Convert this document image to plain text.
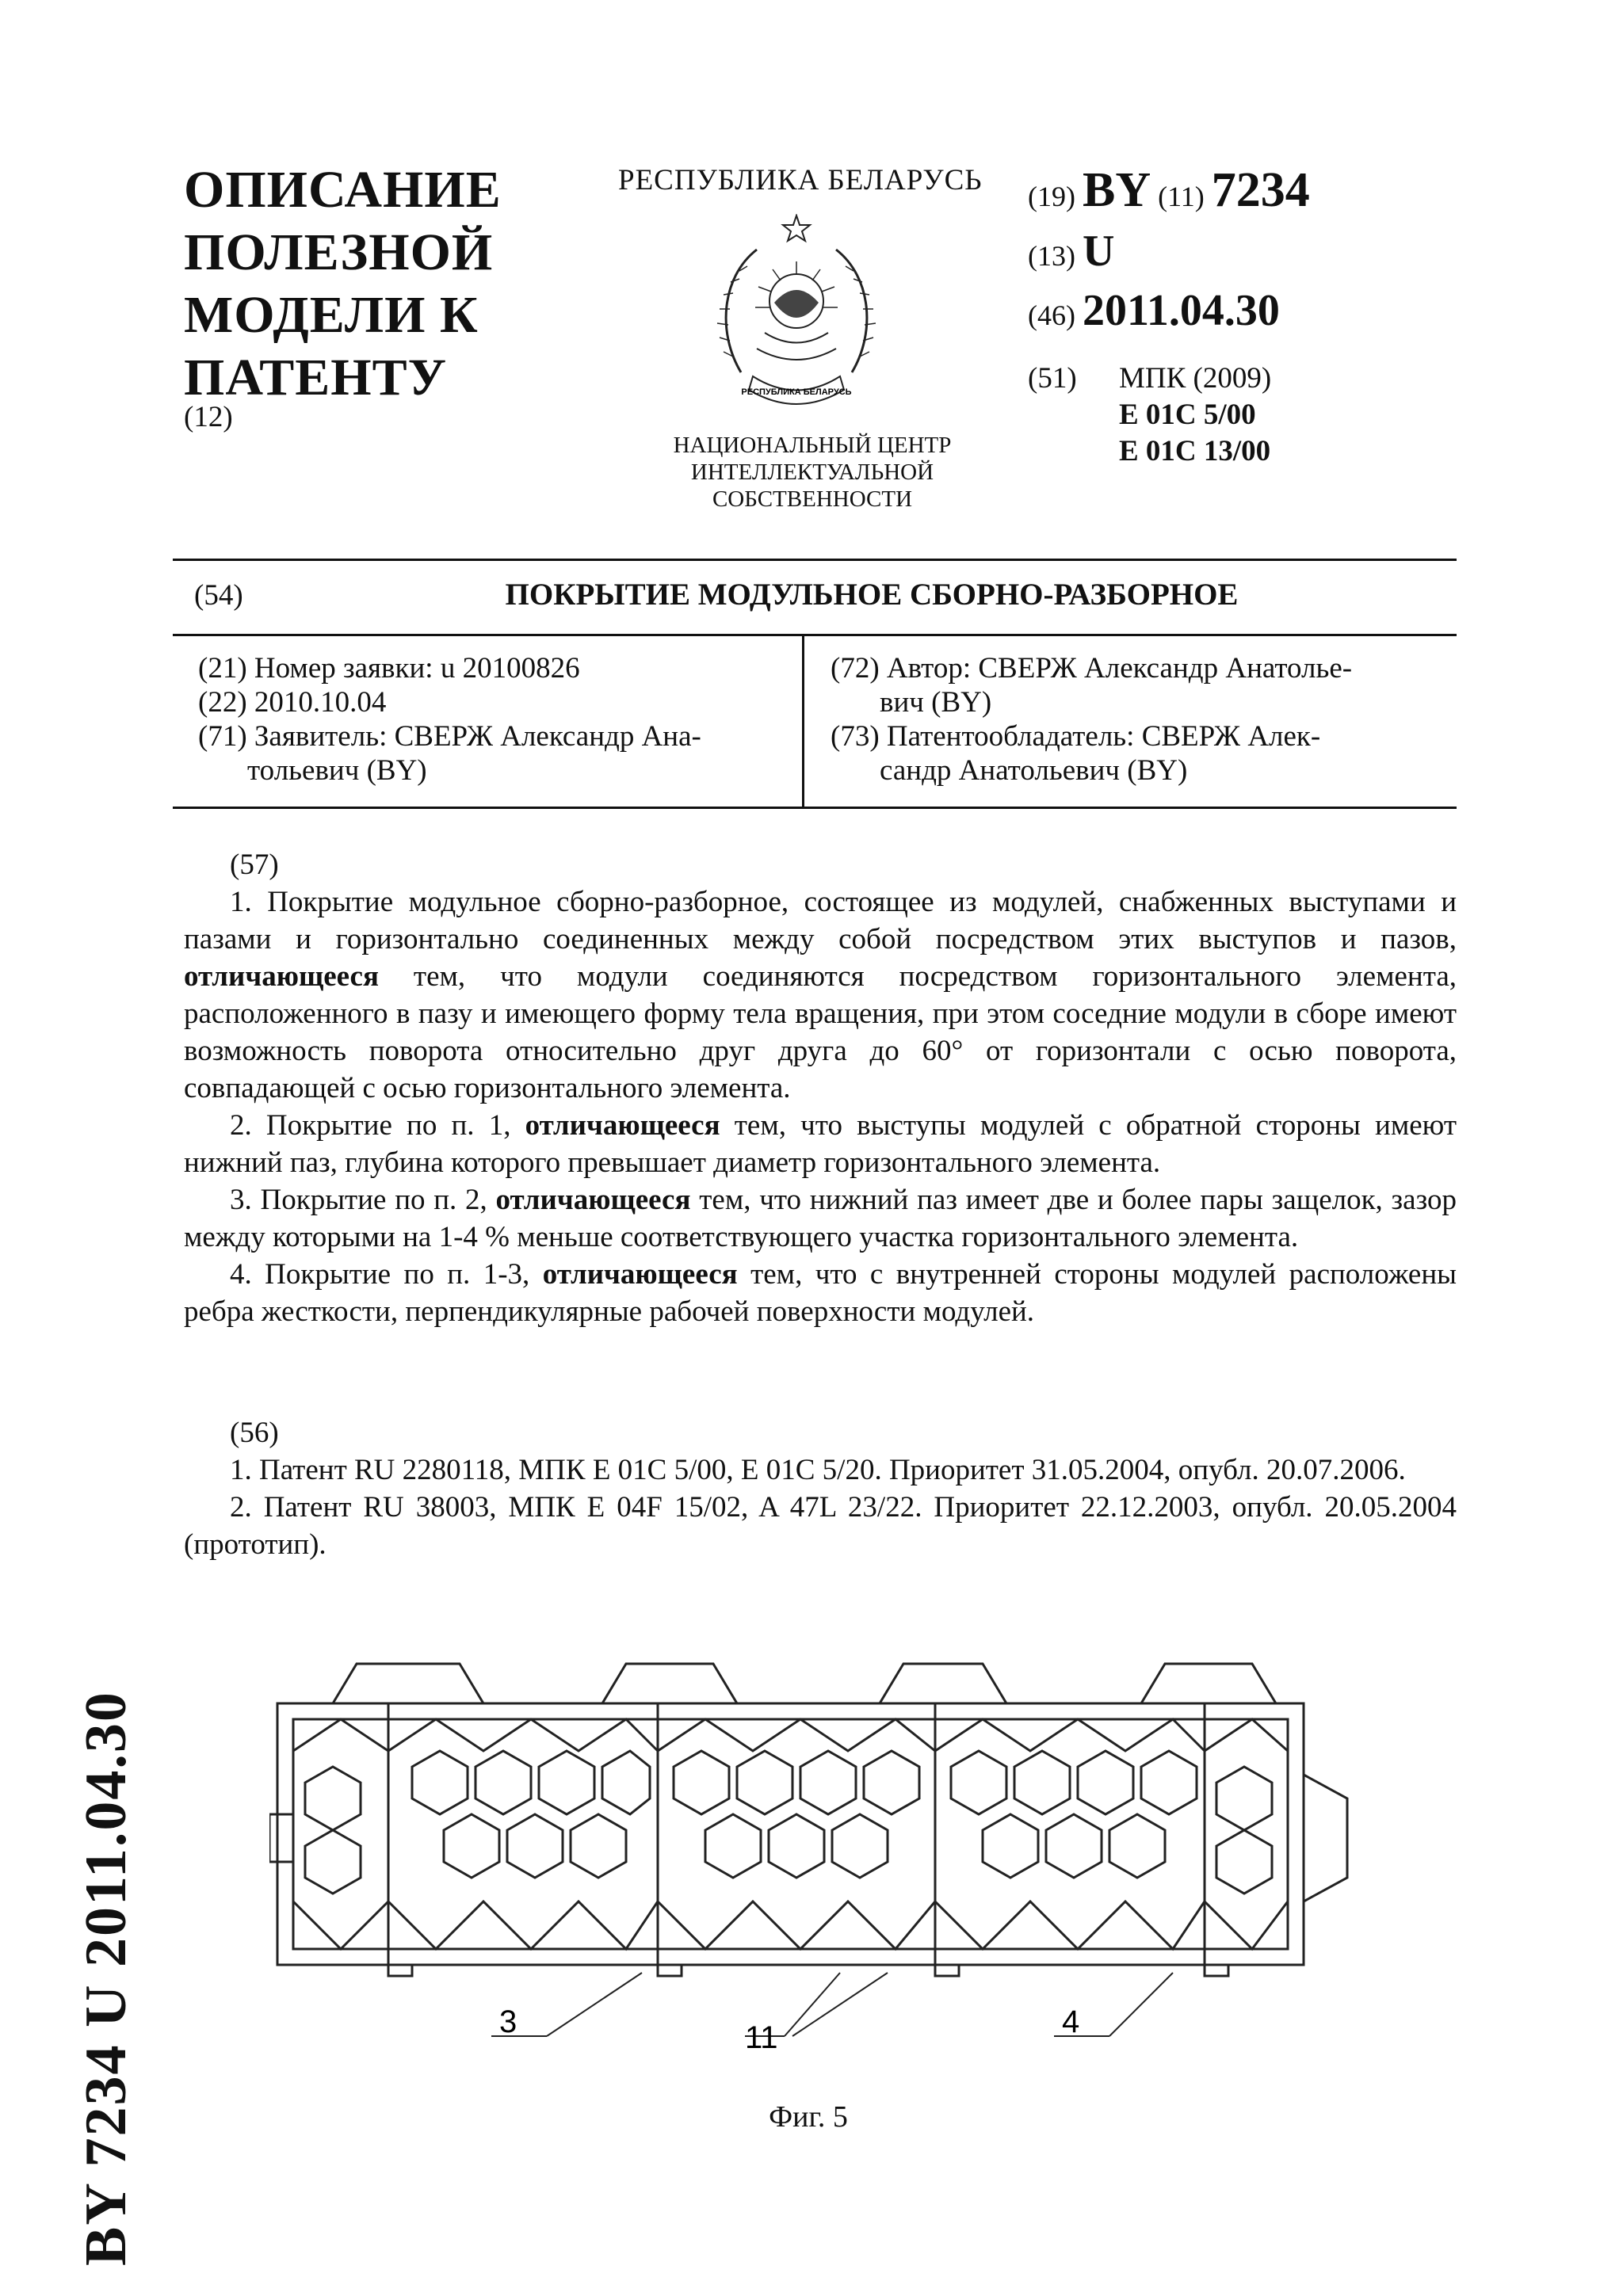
ОПИСАНИЕ
ПОЛЕЗНОЙ
МОДЕЛИ К
ПАТЕНТУ
(12)
РЕСПУБЛИКА БЕЛАРУСЬ
РЕСПУБЛИКА БЕЛАРУСЬ
НАЦИОНАЛЬНЫЙ ЦЕНТР
ИНТЕЛЛЕКТУАЛЬНОЙ
СОБСТВЕННОСТИ
(19) BY (11) 7234
(13) U
(46) 2011.04.30
(51) МПК (2009)
E 01C 5/00
E 01C 13/00
(54)	ПОКРЫТИЕ МОДУЛЬНОЕ СБОРНО-РАЗБОРНОЕ

(21) Номер заявки: u 20100826

(22) 2010.10.04

(71) Заявитель: СВЕРЖ Александр Ана-

тольевич (BY)

(72) Автор: СВЕРЖ Александр Анатолье-

вич (BY)

(73) Патентообладатель: СВЕРЖ Алек-

сандр Анатольевич (BY)

(57)

1. Покрытие модульное сборно-разборное, состоящее из модулей, снабженных выступами и пазами и горизонтально соединенных между собой посредством этих выступов и пазов, отличающееся тем, что модули соединяются посредством горизонтального элемента, расположенного в пазу и имеющего форму тела вращения, при этом соседние модули в сборе имеют возможность поворота относительно друг друга до 60° от горизонтали с осью поворота, совпадающей с осью горизонтального элемента.

2. Покрытие по п. 1, отличающееся тем, что выступы модулей с обратной стороны имеют нижний паз, глубина которого превышает диаметр горизонтального элемента.

3. Покрытие по п. 2, отличающееся тем, что нижний паз имеет две и более пары защелок, зазор между которыми на 1-4 % меньше соответствующего участка горизонтального элемента.

4. Покрытие по п. 1-3, отличающееся тем, что с внутренней стороны модулей расположены ребра жесткости, перпендикулярные рабочей поверхности модулей.

(56)

1. Патент RU 2280118, МПК E 01C 5/00, E 01C 5/20. Приоритет 31.05.2004, опубл. 20.07.2006.

2. Патент RU 38003, МПК E 04F 15/02, A 47L 23/22. Приоритет 22.12.2003, опубл. 20.05.2004 (прототип).

3	11	4
Фиг. 5
BY 7234 U 2011.04.30
